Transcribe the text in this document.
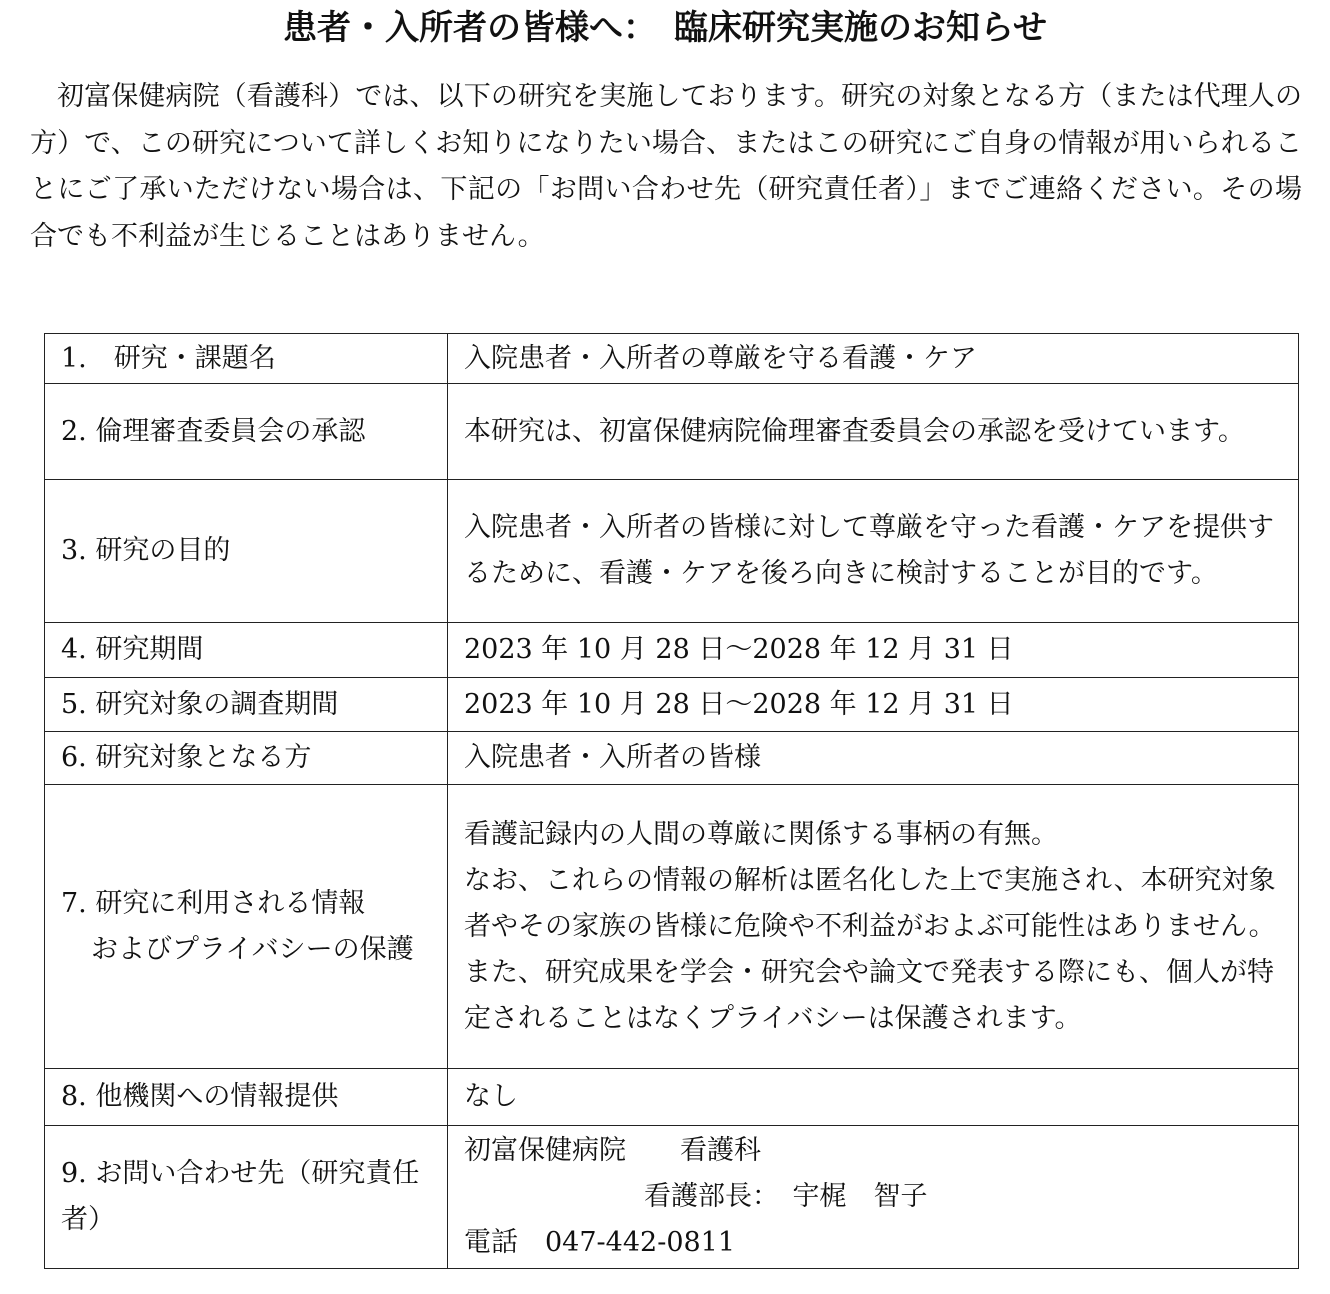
患者・入所者の皆様へ：　臨床研究実施のお知らせ

初富保健病院（看護科）では、以下の研究を実施しております。研究の対象となる方（または代理人の方）で、この研究について詳しくお知りになりたい場合、またはこの研究にご自身の情報が用いられることにご了承いただけない場合は、下記の「お問い合わせ先（研究責任者）」までご連絡ください。その場合でも不利益が生じることはありません。

1.　研究・課題名	入院患者・入所者の尊厳を守る看護・ケア
2. 倫理審査委員会の承認	本研究は、初富保健病院倫理審査委員会の承認を受けています。
3. 研究の目的	入院患者・入所者の皆様に対して尊厳を守った看護・ケアを提供するために、看護・ケアを後ろ向きに検討することが目的です。
4. 研究期間	2023 年 10 月 28 日～2028 年 12 月 31 日
5. 研究対象の調査期間	2023 年 10 月 28 日～2028 年 12 月 31 日
6. 研究対象となる方	入院患者・入所者の皆様

7. 研究に利用される情報
およびプライバシーの保護	看護記録内の人間の尊厳に関係する事柄の有無。
なお、これらの情報の解析は匿名化した上で実施され、本研究対象者やその家族の皆様に危険や不利益がおよぶ可能性はありません。また、研究成果を学会・研究会や論文で発表する際にも、個人が特定されることはなくプライバシーは保護されます。

8. 他機関への情報提供	なし
9. お問い合わせ先（研究責任者）	初富保健病院　　看護科
看護部長：　宇梶　智子
電話　047-442-0811
